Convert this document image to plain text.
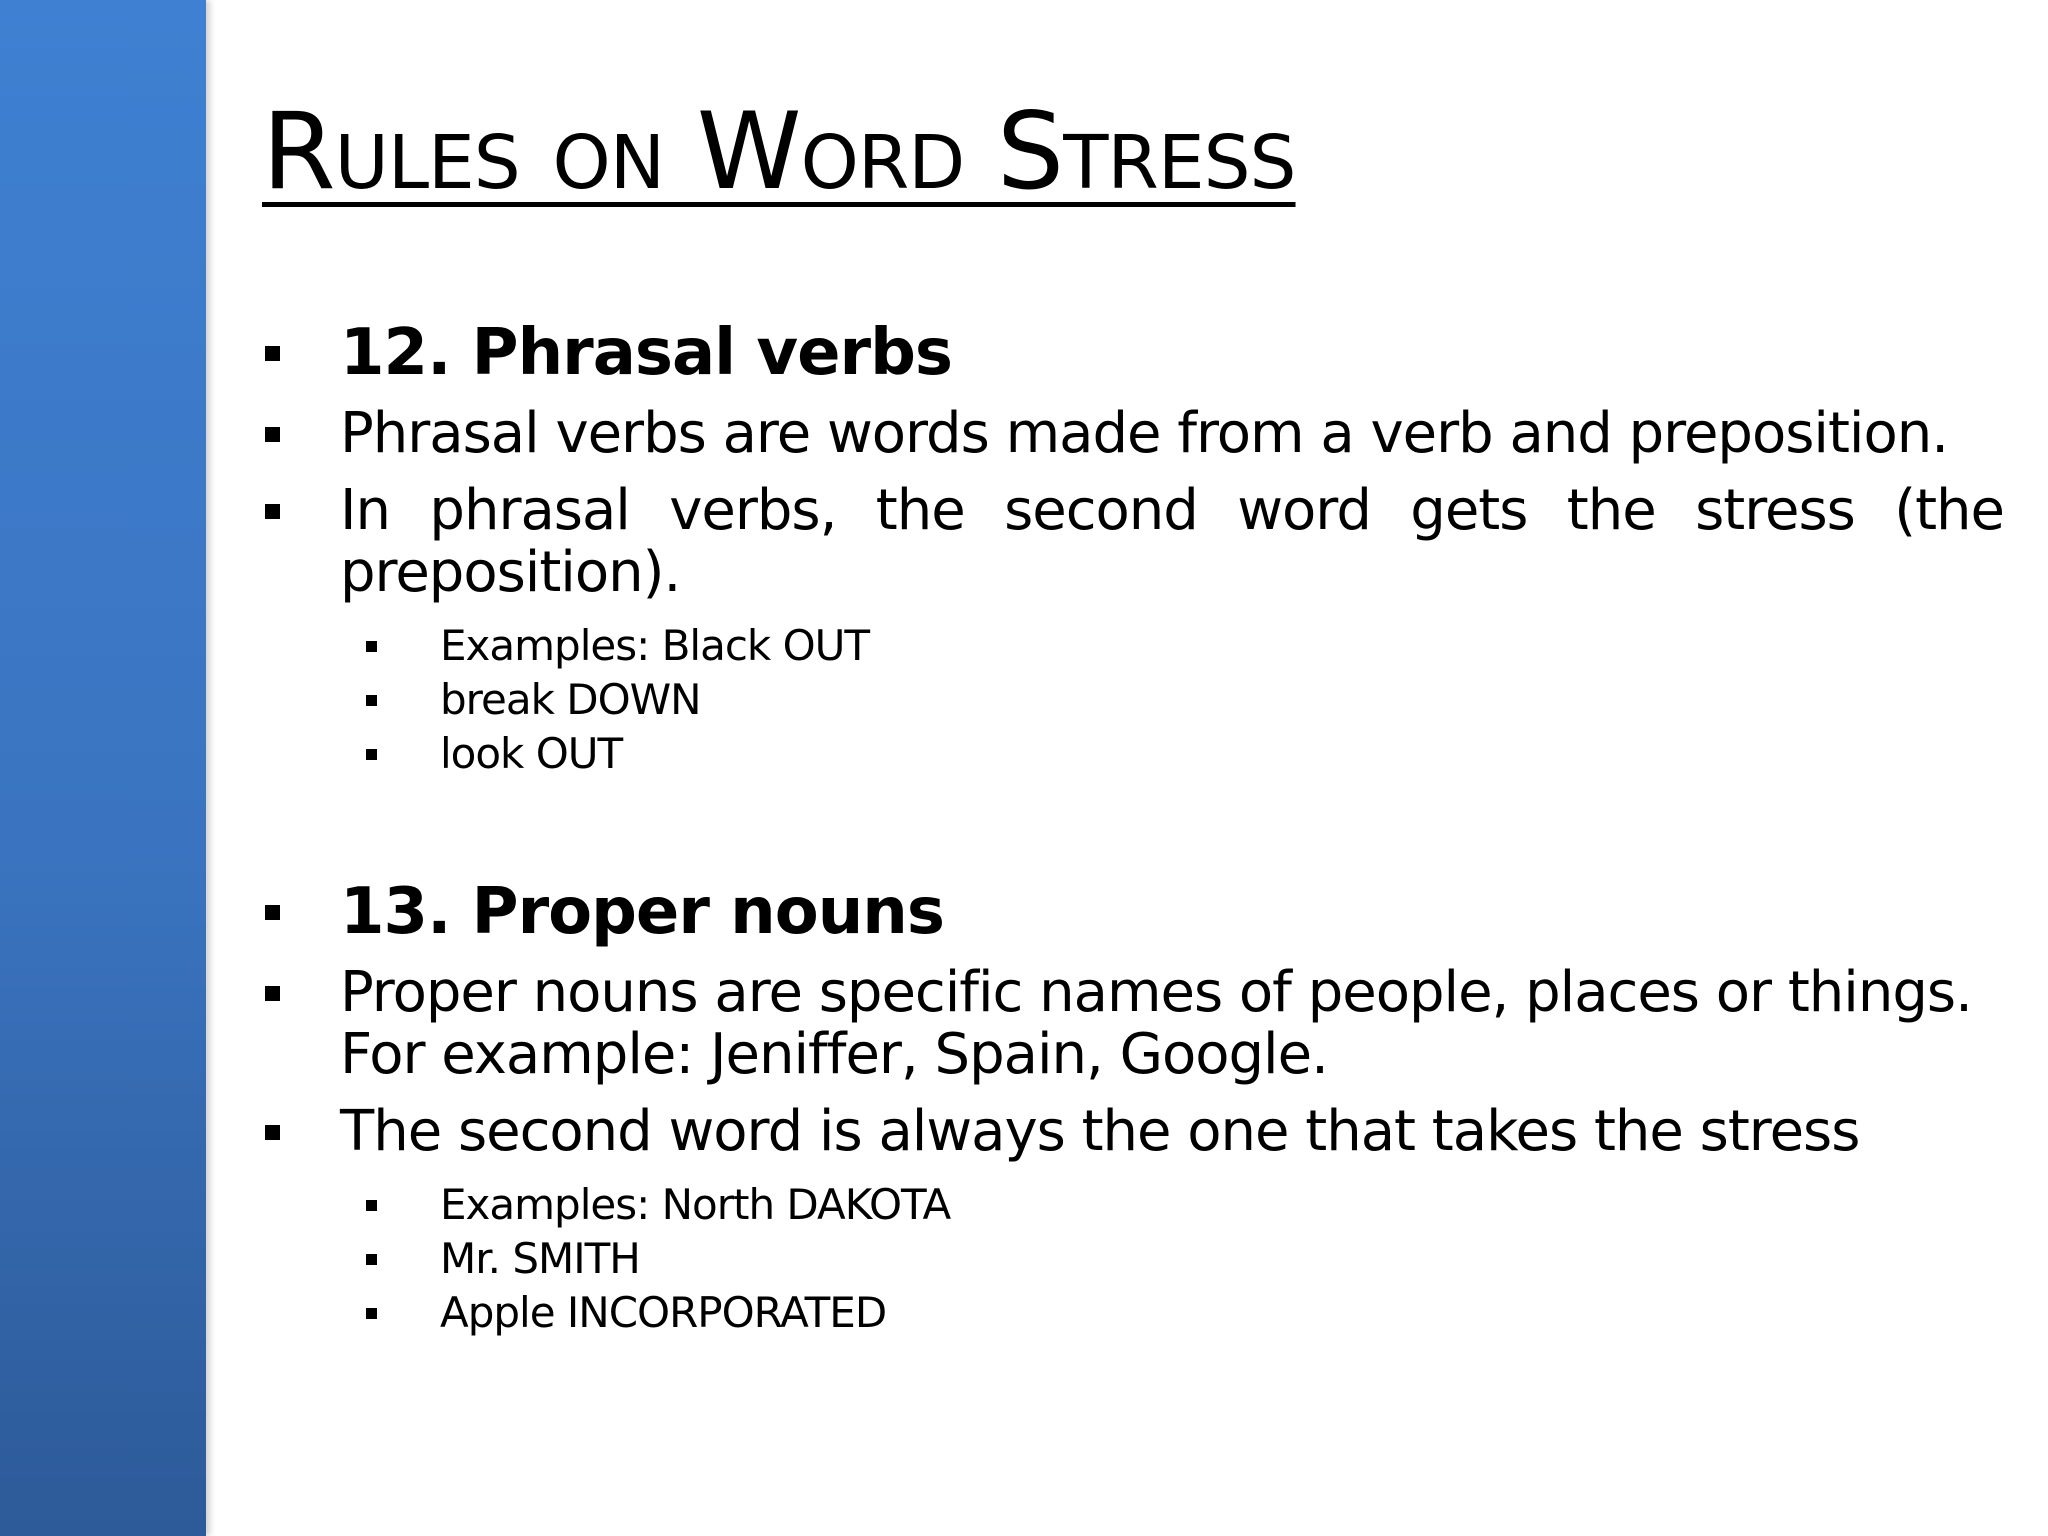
Rules on Word Stress
12. Phrasal verbs
Phrasal verbs are words made from a verb and preposition.
In phrasal verbs, the second word gets the stress (the preposition).
Examples: Black OUT
break DOWN
look OUT
13. Proper nouns
Proper nouns are specific names of people, places or things. For example: Jeniffer, Spain, Google.
The second word is always the one that takes the stress
Examples: North DAKOTA
Mr. SMITH
Apple INCORPORATED
